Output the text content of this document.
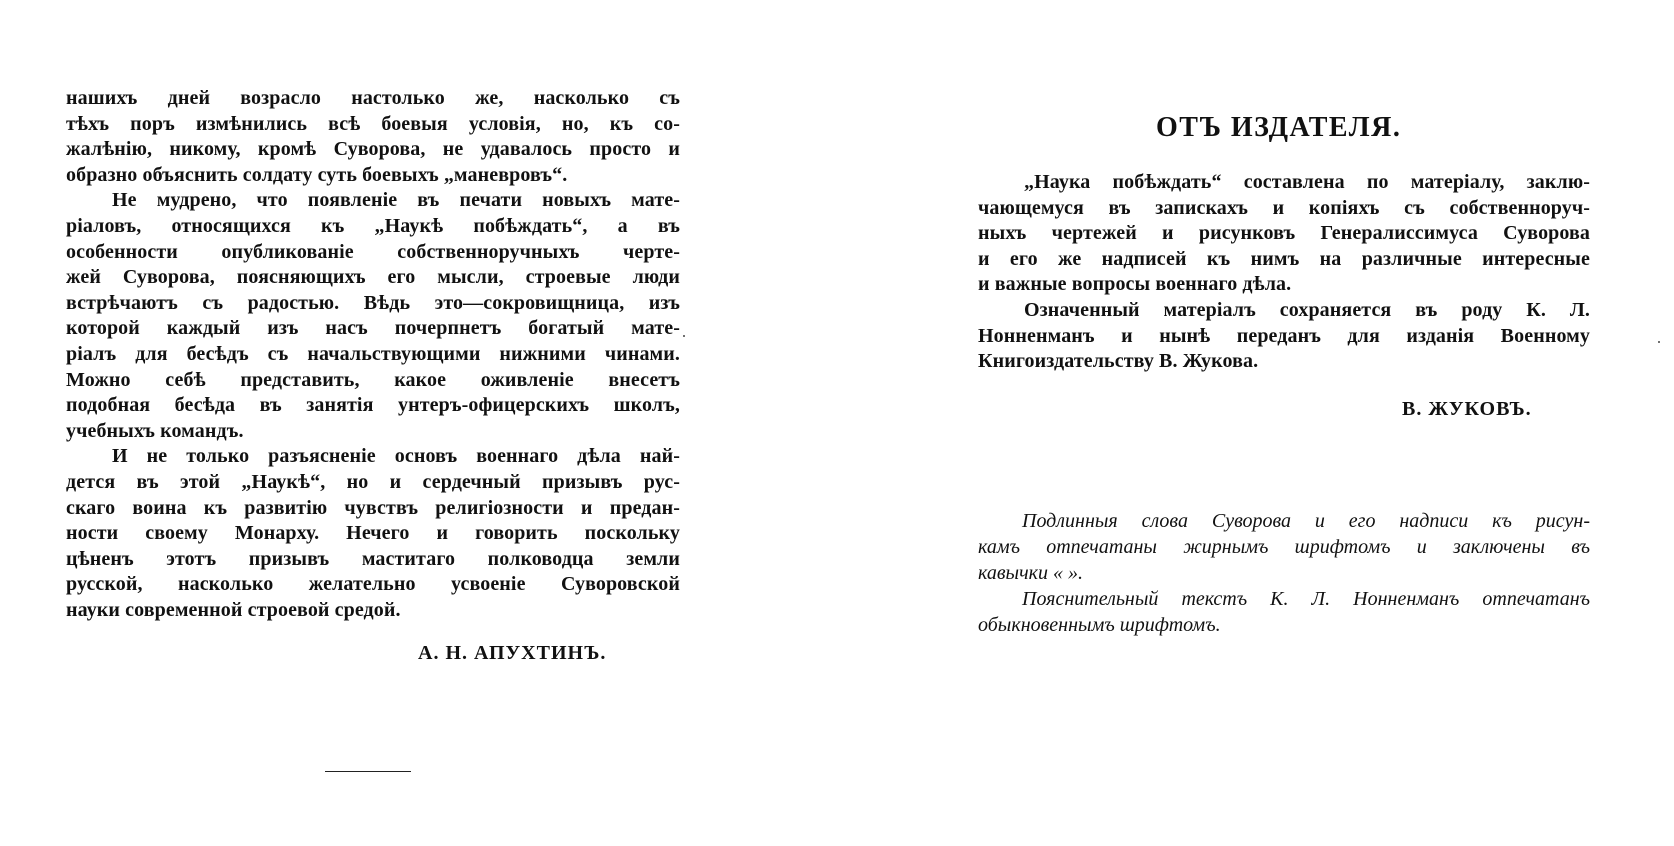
нашихъ дней возрасло настолько же, насколько съ
тѣхъ поръ измѣнились всѣ боевыя условія, но, къ со-
жалѣнію, никому, кромѣ Суворова, не удавалось просто и
образно объяснить солдату суть боевыхъ „маневровъ“.
Не мудрено, что появленіе въ печати новыхъ мате-
ріаловъ, относящихся къ „Наукѣ побѣждать“, а въ
особенности опубликованіе собственноручныхъ черте-
жей Суворова, поясняющихъ его мысли, строевые люди
встрѣчаютъ съ радостью. Вѣдь это—сокровищница, изъ
которой каждый изъ насъ почерпнетъ богатый мате-
ріалъ для бесѣдъ съ начальствующими нижними чинами.
Можно себѣ представить, какое оживленіе внесетъ
подобная бесѣда въ занятія унтеръ-офицерскихъ школъ,
учебныхъ командъ.
И не только разъясненіе основъ военнаго дѣла най-
дется въ этой „Наукѣ“, но и сердечный призывъ рус-
скаго воина къ развитію чувствъ религіозности и предан-
ности своему Монарху. Нечего и говорить поскольку
цѣненъ этотъ призывъ маститаго полководца земли
русской, насколько желательно усвоеніе Суворовской
науки современной строевой средой.
А. Н. АПУХТИНЪ.
ОТЪ ИЗДАТЕЛЯ.
„Наука побѣждать“ составлена по матеріалу, заклю-
чающемуся въ запискахъ и копіяхъ съ собственноруч-
ныхъ чертежей и рисунковъ Генералиссимуса Суворова
и его же надписей къ нимъ на различные интересные
и важные вопросы военнаго дѣла.
Означенный матеріалъ сохраняется въ роду К. Л.
Нонненманъ и нынѣ переданъ для изданія Военному
Книгоиздательству В. Жукова.
В. ЖУКОВЪ.
Подлинныя слова Суворова и его надписи къ рисун-
камъ отпечатаны жирнымъ шрифтомъ и заключены въ
кавычки « ».
Пояснительный текстъ К. Л. Нонненманъ отпечатанъ
обыкновеннымъ шрифтомъ.
